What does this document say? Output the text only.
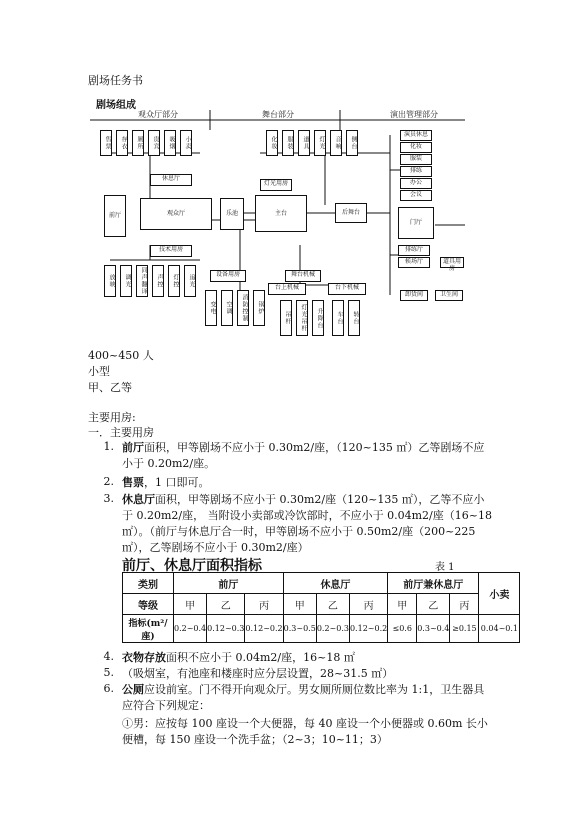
剧场任务书
剧场组成
观众厅部分	舞台部分	演出管理部分
售票	存衣	厕所	贵宾	吸烟	小卖	化妆	服装	道具	灯光	音响	侧台
休息厅
前厅	观众厅	乐池	主台	后舞台
技术用房
灯光用房
设备用房	舞台机械
台上机械	台下机械
演员休息
化妆
服装
排练
办公
会议
门厅
排练厅
候场厅	道具用房
卸货间	卫生间
放映	调光	同声翻译	声控	灯控	追光
变电	空调	消防控制	锅炉
吊杆	灯光吊杆	升降台	车台	转台
400~450 人
小型
甲、乙等
主要用房:
一．主要用房
1. 前厅面积，甲等剧场不应小于 0.30m2/座，（120~135 ㎡）乙等剧场不应小于 0.20m2/座。
2. 售票，1 口即可。
3. 休息厅面积，甲等剧场不应小于 0.30m2/座（120~135 ㎡），乙等不应小于 0.20m2/座， 当附设小卖部或冷饮部时，不应小于 0.04m2/座（16~18 ㎡）。（前厅与休息厅合一时，甲等剧场不应小于 0.50m2/座（200~225 ㎡），乙等剧场不应小于 0.30m2/座）
前厅、休息厅面积指标	表 1
类别	前厅			休息厅			前厅兼休息厅			小卖
等级	甲	乙	丙	甲	乙	丙	甲	乙	丙	
指标(m²/座)	0.2~0.4	0.12~0.3	0.12~0.2	0.3~0.5	0.2~0.3	0.12~0.2	≤0.6	0.3~0.4	≥0.15	0.04~0.1
4. 衣物存放面积不应小于 0.04m2/座，16~18 ㎡
5. （吸烟室，有池座和楼座时应分层设置，28~31.5 ㎡）
6. 公厕应设前室。门不得开向观众厅。男女厕所厕位数比率为 1:1，卫生器具应符合下列规定：
①男：应按每 100 座设一个大便器，每 40 座设一个小便器或 0.60m 长小便槽，每 150 座设一个洗手盆；（2~3；10~11；3）
